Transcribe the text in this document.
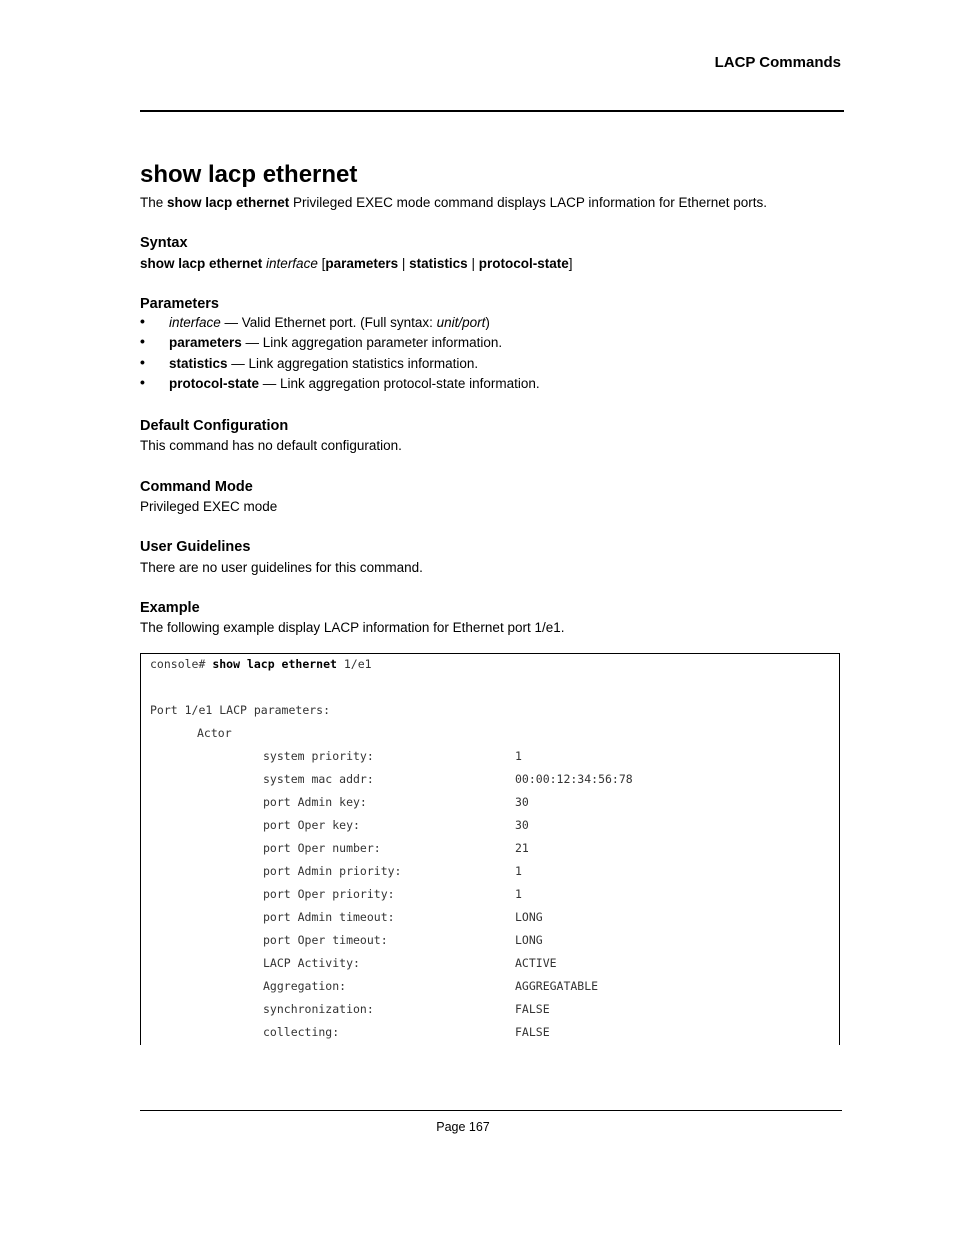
LACP Commands
show lacp ethernet
The show lacp ethernet Privileged EXEC mode command displays LACP information for Ethernet ports.
Syntax
show lacp ethernet interface [parameters | statistics | protocol-state]
Parameters
• interface — Valid Ethernet port. (Full syntax: unit/port)
• parameters — Link aggregation parameter information.
• statistics — Link aggregation statistics information.
• protocol-state — Link aggregation protocol-state information.
Default Configuration
This command has no default configuration.
Command Mode
Privileged EXEC mode
User Guidelines
There are no user guidelines for this command.
Example
The following example display LACP information for Ethernet port 1/e1.
console# show lacp ethernet 1/e1
Port 1/e1 LACP parameters:
Actor
system priority:	1
system mac addr:	00:00:12:34:56:78
port Admin key:	30
port Oper key:	30
port Oper number:	21
port Admin priority:	1
port Oper priority:	1
port Admin timeout:	LONG
port Oper timeout:	LONG
LACP Activity:	ACTIVE
Aggregation:	AGGREGATABLE
synchronization:	FALSE
collecting:	FALSE
Page 167
